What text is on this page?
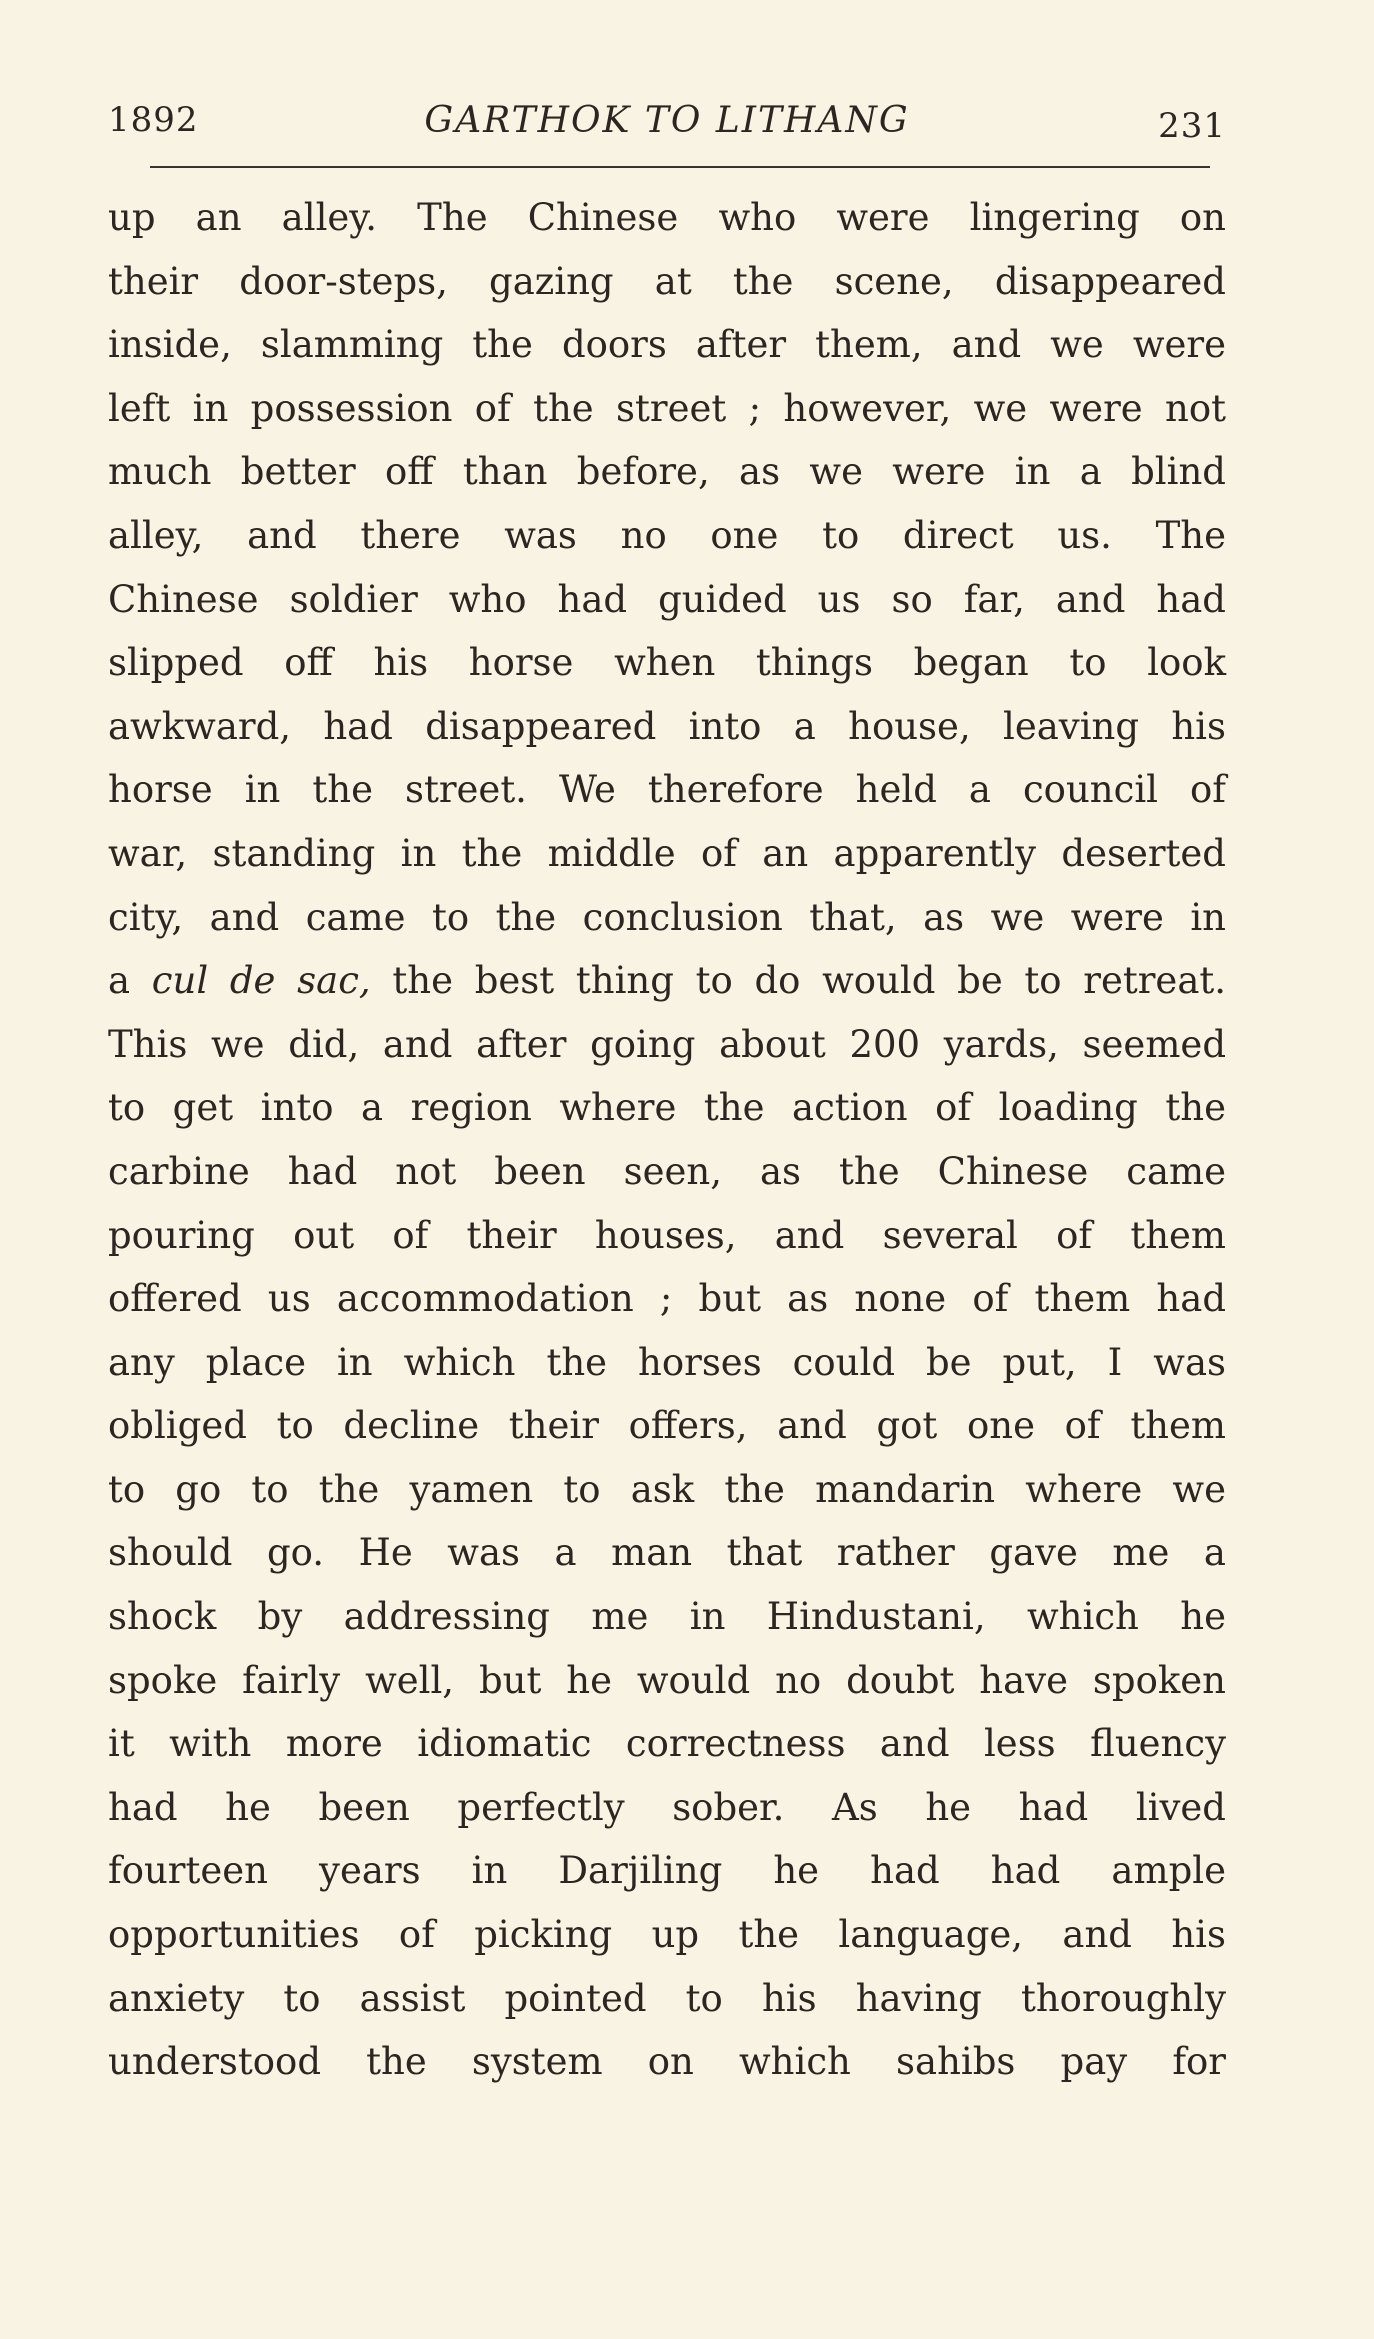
1892	GARTHOK TO LITHANG	231
up an alley. The Chinese who were lingering on
their door-steps, gazing at the scene, disappeared
inside, slamming the doors after them, and we were
left in possession of the street ; however, we were not
much better off than before, as we were in a blind
alley, and there was no one to direct us. The
Chinese soldier who had guided us so far, and had
slipped off his horse when things began to look
awkward, had disappeared into a house, leaving his
horse in the street. We therefore held a council of
war, standing in the middle of an apparently deserted
city, and came to the conclusion that, as we were in
a cul de sac, the best thing to do would be to retreat.
This we did, and after going about 200 yards, seemed
to get into a region where the action of loading the
carbine had not been seen, as the Chinese came
pouring out of their houses, and several of them
offered us accommodation ; but as none of them had
any place in which the horses could be put, I was
obliged to decline their offers, and got one of them
to go to the yamen to ask the mandarin where we
should go. He was a man that rather gave me a
shock by addressing me in Hindustani, which he
spoke fairly well, but he would no doubt have spoken
it with more idiomatic correctness and less fluency
had he been perfectly sober. As he had lived
fourteen years in Darjiling he had had ample
opportunities of picking up the language, and his
anxiety to assist pointed to his having thoroughly
understood the system on which sahibs pay for
